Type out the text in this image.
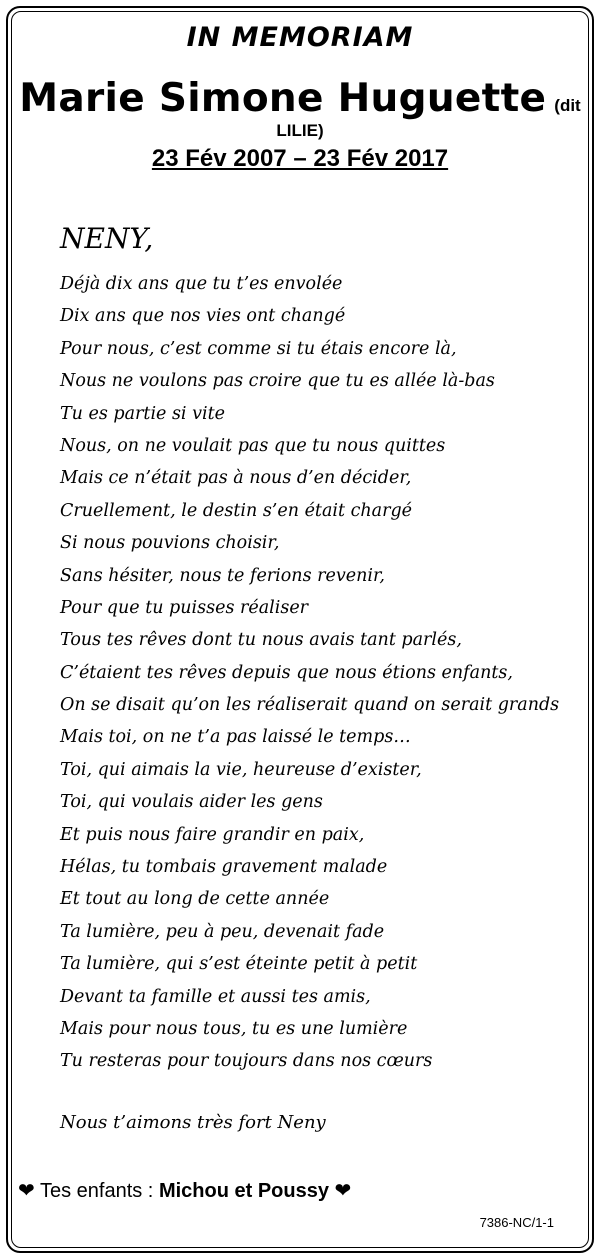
IN MEMORIAM
Marie Simone Huguette (dit LILIE)
23 Fév 2007 – 23 Fév 2017
NENY,
Déjà dix ans que tu t’es envolée
Dix ans que nos vies ont changé
Pour nous, c’est comme si tu étais encore là,
Nous ne voulons pas croire que tu es allée là-bas
Tu es partie si vite
Nous, on ne voulait pas que tu nous quittes
Mais ce n’était pas à nous d’en décider,
Cruellement, le destin s’en était chargé
Si nous pouvions choisir,
Sans hésiter, nous te ferions revenir,
Pour que tu puisses réaliser
Tous tes rêves dont tu nous avais tant parlés,
C’étaient tes rêves depuis que nous étions enfants,
On se disait qu’on les réaliserait quand on serait grands
Mais toi, on ne t’a pas laissé le temps…
Toi, qui aimais la vie, heureuse d’exister,
Toi, qui voulais aider les gens
Et puis nous faire grandir en paix,
Hélas, tu tombais gravement malade
Et tout au long de cette année
Ta lumière, peu à peu, devenait fade
Ta lumière, qui s’est éteinte petit à petit
Devant ta famille et aussi tes amis,
Mais pour nous tous, tu es une lumière
Tu resteras pour toujours dans nos cœurs
Nous t’aimons très fort Neny
❤ Tes enfants : Michou et Poussy ❤
7386-NC/1-1
